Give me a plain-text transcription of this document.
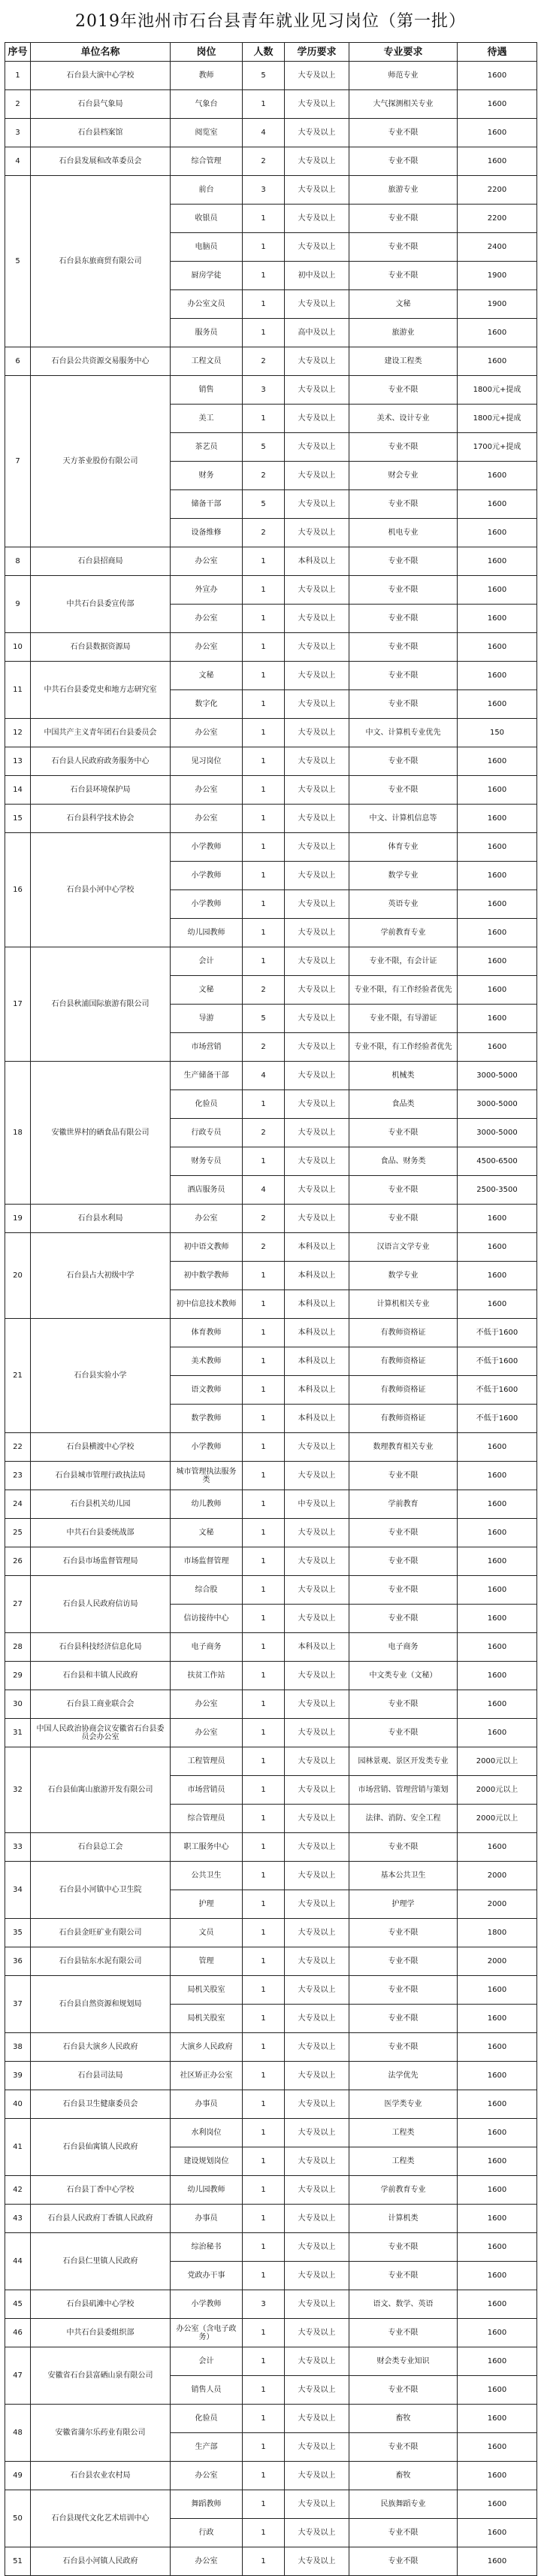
2019年池州市石台县青年就业见习岗位（第一批）
序号	单位名称	岗位	人数	学历要求	专业要求	待遇
1	石台县大演中心学校	教师	5	大专及以上	师范专业	1600
2	石台县气象局	气象台	1	大专及以上	大气探测相关专业	1600
3	石台县档案馆	阅览室	4	大专及以上	专业不限	1600
4	石台县发展和改革委员会	综合管理	2	大专及以上	专业不限	1600
5	石台县东旅商贸有限公司	前台	3	大专及以上	旅游专业	2200
		收银员	1	大专及以上	专业不限	2200
		电脑员	1	大专及以上	专业不限	2400
		厨房学徒	1	初中及以上	专业不限	1900
		办公室文员	1	大专及以上	文秘	1900
		服务员	1	高中及以上	旅游业	1600
6	石台县公共资源交易服务中心	工程文员	2	大专及以上	建设工程类	1600
7	天方茶业股份有限公司	销售	3	大专及以上	专业不限	1800元+提成
		美工	1	大专及以上	美术、设计专业	1800元+提成
		茶艺员	5	大专及以上	专业不限	1700元+提成
		财务	2	大专及以上	财会专业	1600
		储备干部	5	大专及以上	专业不限	1600
		设备维修	2	大专及以上	机电专业	1600
8	石台县招商局	办公室	1	本科及以上	专业不限	1600
9	中共石台县委宣传部	外宣办	1	大专及以上	专业不限	1600
		办公室	1	大专及以上	专业不限	1600
10	石台县数据资源局	办公室	1	大专及以上	专业不限	1600
11	中共石台县委党史和地方志研究室	文秘	1	大专及以上	专业不限	1600
		数字化	1	大专及以上	专业不限	1600
12	中国共产主义青年团石台县委员会	办公室	1	大专及以上	中文、计算机专业优先	150
13	石台县人民政府政务服务中心	见习岗位	1	大专及以上	专业不限	1600
14	石台县环境保护局	办公室	1	大专及以上	专业不限	1600
15	石台县科学技术协会	办公室	1	大专及以上	中文、计算机信息等	1600
16	石台县小河中心学校	小学教师	1	大专及以上	体育专业	1600
		小学教师	1	大专及以上	数学专业	1600
		小学教师	1	大专及以上	英语专业	1600
		幼儿园教师	1	大专及以上	学前教育专业	1600
17	石台县秋浦国际旅游有限公司	会计	1	大专及以上	专业不限，有会计证	1600
		文秘	2	大专及以上	专业不限，有工作经验者优先	1600
		导游	5	大专及以上	专业不限，有导游证	1600
		市场营销	2	大专及以上	专业不限，有工作经验者优先	1600
18	安徽世界村的硒食品有限公司	生产储备干部	4	大专及以上	机械类	3000-5000
		化验员	1	大专及以上	食品类	3000-5000
		行政专员	2	大专及以上	专业不限	3000-5000
		财务专员	1	大专及以上	食品、财务类	4500-6500
		酒店服务员	4	大专及以上	专业不限	2500-3500
19	石台县水利局	办公室	2	大专及以上	专业不限	1600
20	石台县占大初级中学	初中语文教师	2	本科及以上	汉语言文学专业	1600
		初中数学教师	1	本科及以上	数学专业	1600
		初中信息技术教师	1	本科及以上	计算机相关专业	1600
21	石台县实验小学	体育教师	1	本科及以上	有教师资格证	不低于1600
		美术教师	1	本科及以上	有教师资格证	不低于1600
		语文教师	1	本科及以上	有教师资格证	不低于1600
		数学教师	1	本科及以上	有教师资格证	不低于1600
22	石台县横渡中心学校	小学教师	1	大专及以上	数理教育相关专业	1600
23	石台县城市管理行政执法局	城市管理执法服务类	1	大专及以上	专业不限	1600
24	石台县机关幼儿园	幼儿教师	1	中专及以上	学前教育	1600
25	中共石台县委统战部	文秘	1	大专及以上	专业不限	1600
26	石台县市场监督管理局	市场监督管理	1	大专及以上	专业不限	1600
27	石台县人民政府信访局	综合股	1	大专及以上	专业不限	1600
		信访接待中心	1	大专及以上	专业不限	1600
28	石台县科技经济信息化局	电子商务	1	本科及以上	电子商务	1600
29	石台县和丰镇人民政府	扶贫工作站	1	大专及以上	中文类专业（文秘）	1600
30	石台县工商业联合会	办公室	1	大专及以上	专业不限	1600
31	中国人民政治协商会议安徽省石台县委员会办公室	办公室	1	大专及以上	专业不限	1600
32	石台县仙寓山旅游开发有限公司	工程管理员	1	大专及以上	园林景观、景区开发类专业	2000元以上
		市场营销员	1	大专及以上	市场营销、管理营销与策划	2000元以上
		综合管理员	1	大专及以上	法律、消防、安全工程	2000元以上
33	石台县总工会	职工服务中心	1	大专及以上	专业不限	1600
34	石台县小河镇中心卫生院	公共卫生	1	大专及以上	基本公共卫生	2000
		护理	1	大专及以上	护理学	2000
35	石台县金旺矿业有限公司	文员	1	大专及以上	专业不限	1800
36	石台县钻东水泥有限公司	管理	1	大专及以上	专业不限	2000
37	石台县自然资源和规划局	局机关股室	1	大专及以上	专业不限	1600
		局机关股室	1	大专及以上	专业不限	1600
38	石台县大演乡人民政府	大演乡人民政府	1	大专及以上	专业不限	1600
39	石台县司法局	社区矫正办公室	1	大专及以上	法学优先	1600
40	石台县卫生健康委员会	办事员	1	大专及以上	医学类专业	1600
41	石台县仙寓镇人民政府	水利岗位	1	大专及以上	工程类	1600
		建设规划岗位	1	大专及以上	工程类	1600
42	石台县丁香中心学校	幼儿园教师	1	大专及以上	学前教育专业	1600
43	石台县人民政府丁香镇人民政府	办事员	1	大专及以上	计算机类	1600
44	石台县仁里镇人民政府	综治秘书	1	大专及以上	专业不限	1600
		党政办干事	1	大专及以上	专业不限	1600
45	石台县矶滩中心学校	小学教师	3	大专及以上	语文、数学、英语	1600
46	中共石台县委组织部	办公室（含电子政务）	1	大专及以上	专业不限	1600
47	安徽省石台县富硒山泉有限公司	会计	1	大专及以上	财会类专业知识	1600
		销售人员	1	大专及以上	专业不限	1600
48	安徽省蒲尔乐药业有限公司	化验员	1	大专及以上	畜牧	1600
		生产部	1	大专及以上	专业不限	1600
49	石台县农业农村局	办公室	1	大专及以上	畜牧	1600
50	石台县现代文化艺术培训中心	舞蹈教师	1	大专及以上	民族舞蹈专业	1600
		行政	1	大专及以上	专业不限	1600
51	石台县小河镇人民政府	办公室	1	大专及以上	专业不限	1600
